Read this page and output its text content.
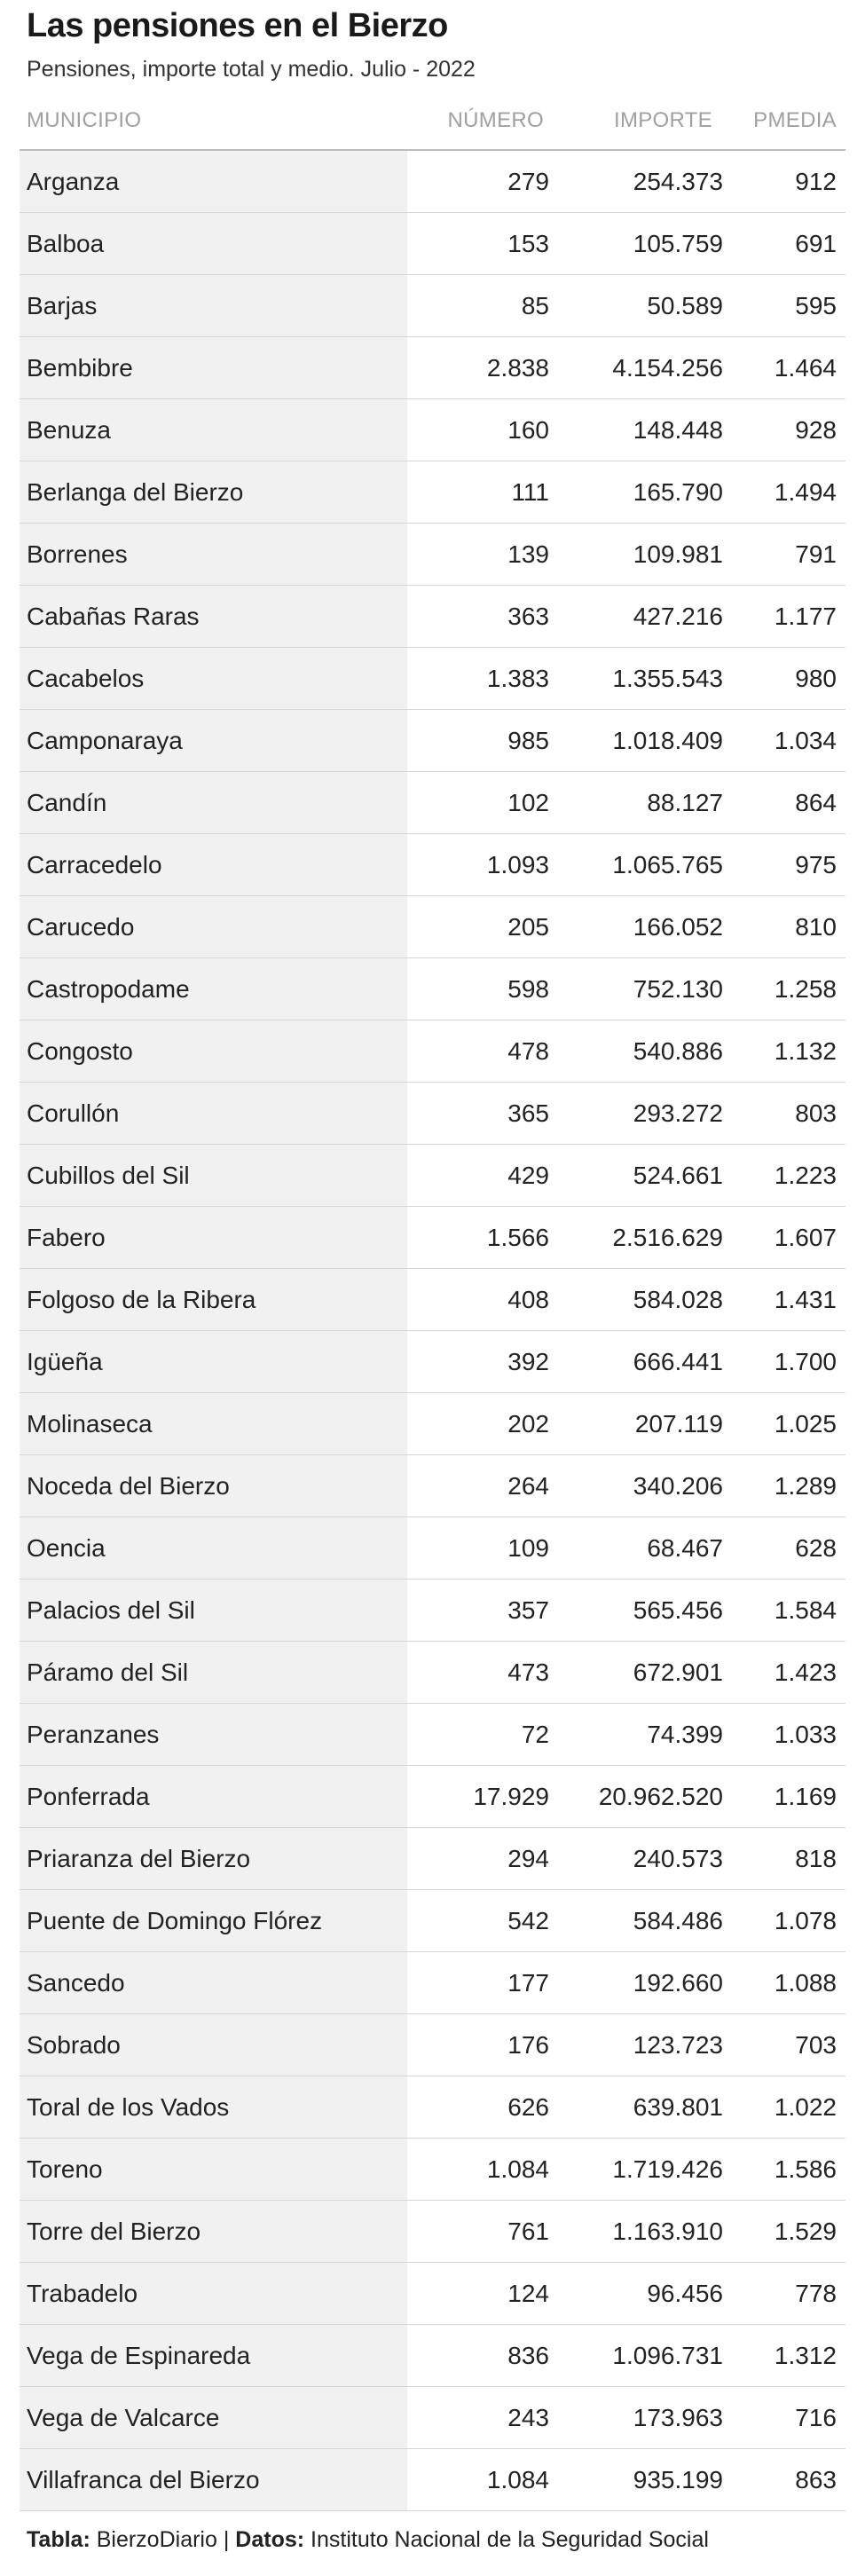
Las pensiones en el Bierzo
Pensiones, importe total y medio. Julio - 2022
MUNICIPIO	NÚMERO	IMPORTE PMEDIA
Arganza	279	254.373	912
Balboa	153	105.759	691
Barjas	85	50.589	595
Bembibre	2.838	4.154.256	1.464
Benuza	160	148.448	928
Berlanga del Bierzo	111	165.790	1.494
Borrenes	139	109.981	791
Cabañas Raras	363	427.216	1.177
Cacabelos	1.383	1.355.543	980
Camponaraya	985	1.018.409	1.034
Candín	102	88.127	864
Carracedelo	1.093	1.065.765	975
Carucedo	205	166.052	810
Castropodame	598	752.130	1.258
Congosto	478	540.886	1.132
Corullón	365	293.272	803
Cubillos del Sil	429	524.661	1.223
Fabero	1.566	2.516.629	1.607
Folgoso de la Ribera	408	584.028	1.431
Igüeña	392	666.441	1.700
Molinaseca	202	207.119	1.025
Noceda del Bierzo	264	340.206	1.289
Oencia	109	68.467	628
Palacios del Sil	357	565.456	1.584
Páramo del Sil	473	672.901	1.423
Peranzanes	72	74.399	1.033
Ponferrada	17.929	20.962.520	1.169
Priaranza del Bierzo	294	240.573	818
Puente de Domingo Flórez	542	584.486	1.078
Sancedo	177	192.660	1.088
Sobrado	176	123.723	703
Toral de los Vados	626	639.801	1.022
Toreno	1.084	1.719.426	1.586
Torre del Bierzo	761	1.163.910	1.529
Trabadelo	124	96.456	778
Vega de Espinareda	836	1.096.731	1.312
Vega de Valcarce	243	173.963	716
Villafranca del Bierzo	1.084	935.199	863
Tabla: BierzoDiario | Datos: Instituto Nacional de la Seguridad Social
